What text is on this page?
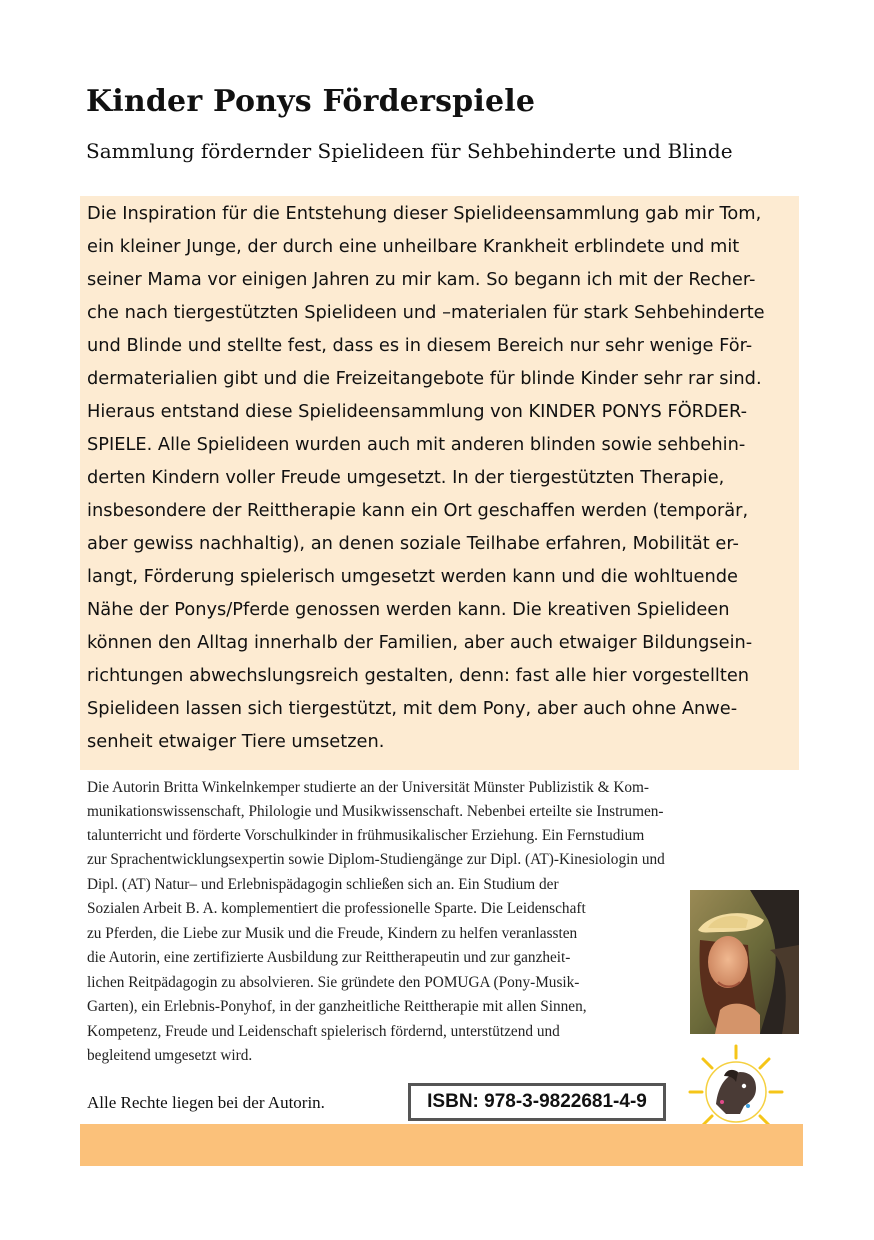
Kinder Ponys Förderspiele
Sammlung fördernder Spielideen für Sehbehinderte und Blinde
Die Inspiration für die Entstehung dieser Spielideensammlung gab mir Tom,
ein kleiner Junge, der durch eine unheilbare Krankheit erblindete und mit
seiner Mama vor einigen Jahren zu mir kam. So begann ich mit der Recher-
che nach tiergestützten Spielideen und –materialen für stark Sehbehinderte
und Blinde und stellte fest, dass es in diesem Bereich nur sehr wenige För-
dermaterialien gibt und die Freizeitangebote für blinde Kinder sehr rar sind.
Hieraus entstand diese Spielideensammlung von KINDER PONYS FÖRDER-
SPIELE. Alle Spielideen wurden auch mit anderen blinden sowie sehbehin-
derten Kindern voller Freude umgesetzt. In der tiergestützten Therapie,
insbesondere der Reittherapie kann ein Ort geschaffen werden (temporär,
aber gewiss nachhaltig), an denen soziale Teilhabe erfahren, Mobilität er-
langt, Förderung spielerisch umgesetzt werden kann und die wohltuende
Nähe der Ponys/Pferde genossen werden kann. Die kreativen Spielideen
können den Alltag innerhalb der Familien, aber auch etwaiger Bildungsein-
richtungen abwechslungsreich gestalten, denn: fast alle hier vorgestellten
Spielideen lassen sich tiergestützt, mit dem Pony, aber auch ohne Anwe-
senheit etwaiger Tiere umsetzen.
Die Autorin Britta Winkelnkemper studierte an der Universität Münster Publizistik & Kom-
munikationswissenschaft, Philologie und Musikwissenschaft. Nebenbei erteilte sie Instrumen-
talunterricht und förderte Vorschulkinder in frühmusikalischer Erziehung. Ein Fernstudium
zur Sprachentwicklungsexpertin sowie Diplom-Studiengänge zur Dipl. (AT)-Kinesiologin und
Dipl. (AT) Natur– und Erlebnispädagogin schließen sich an. Ein Studium der
Sozialen Arbeit B. A. komplementiert die professionelle Sparte. Die Leidenschaft
zu Pferden, die Liebe zur Musik und die Freude, Kindern zu helfen veranlassten
die Autorin, eine zertifizierte Ausbildung zur Reittherapeutin und zur ganzheit-
lichen Reitpädagogin zu absolvieren. Sie gründete den POMUGA (Pony-Musik-
Garten), ein Erlebnis-Ponyhof, in der ganzheitliche Reittherapie mit allen Sinnen,
Kompetenz, Freude und Leidenschaft spielerisch fördernd, unterstützend und
begleitend umgesetzt wird.
Alle Rechte liegen bei der Autorin.	ISBN: 978-3-9822681-4-9
